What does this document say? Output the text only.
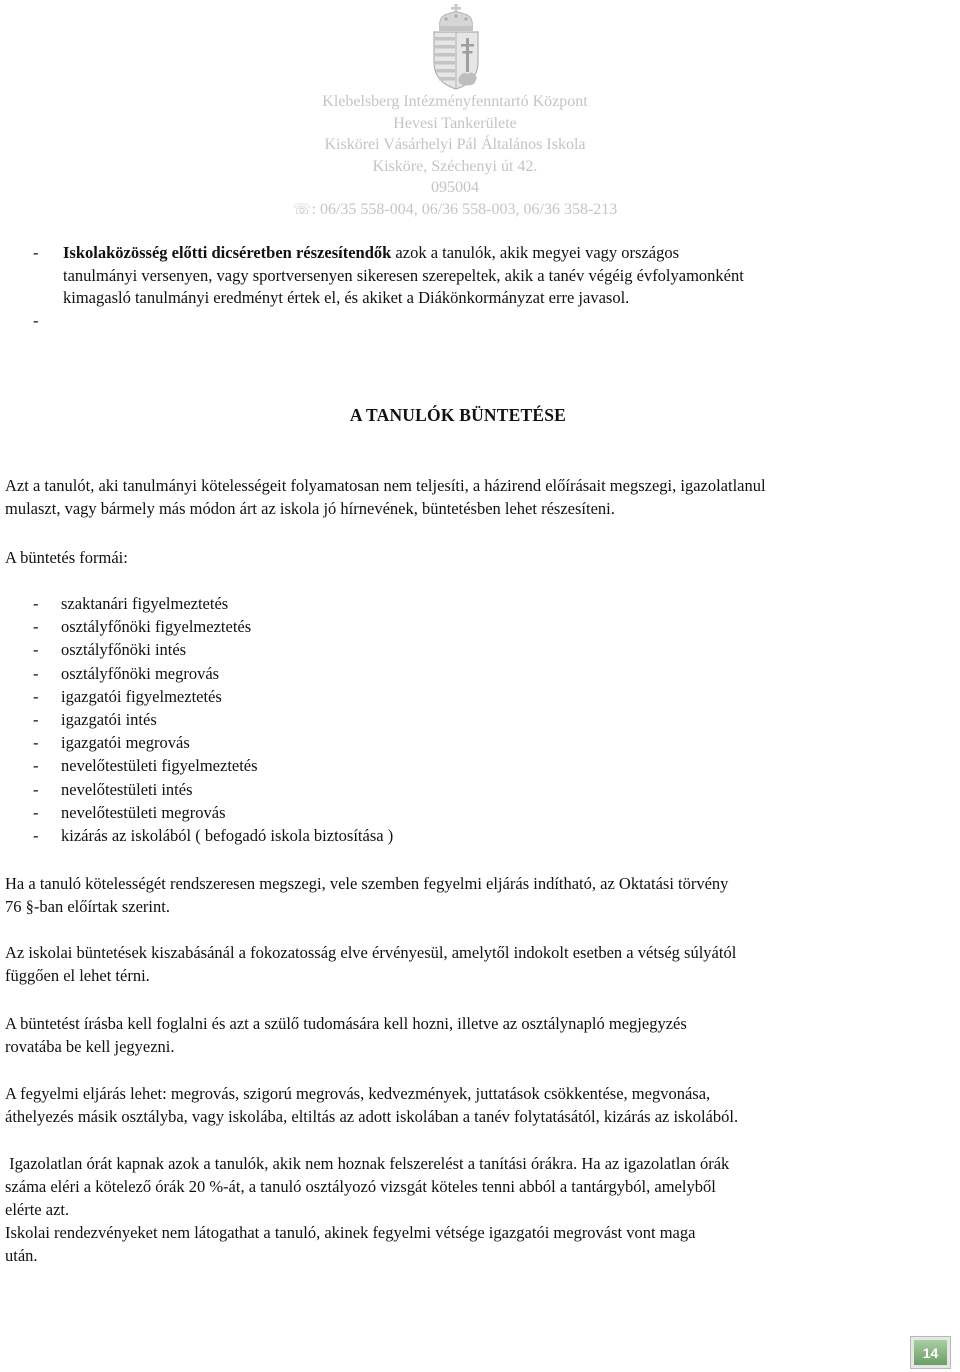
Klebelsberg Intézményfenntartó Központ
Hevesi Tankerülete
Kiskörei Vásárhelyi Pál Általános Iskola
Kisköre, Széchenyi út 42.
095004
☏: 06/35 558-004, 06/36 558-003, 06/36 358-213
- Iskolaközösség előtti dicséretben részesítendők azok a tanulók, akik megyei vagy országos
tanulmányi versenyen, vagy sportversenyen sikeresen szerepeltek, akik a tanév végéig évfolyamonként
kimagasló tanulmányi eredményt értek el, és akiket a Diákönkormányzat erre javasol.
-

A TANULÓK BÜNTETÉSE
Azt a tanulót, aki tanulmányi kötelességeit folyamatosan nem teljesíti, a házirend előírásait megszegi, igazolatlanul
mulaszt, vagy bármely más módon árt az iskola jó hírnevének, büntetésben lehet részesíteni.
A büntetés formái:
- szaktanári figyelmeztetés
- osztályfőnöki figyelmeztetés
- osztályfőnöki intés
- osztályfőnöki megrovás
- igazgatói figyelmeztetés
- igazgatói intés
- igazgatói megrovás
- nevelőtestületi figyelmeztetés
- nevelőtestületi intés
- nevelőtestületi megrovás
- kizárás az iskolából ( befogadó iskola biztosítása )
Ha a tanuló kötelességét rendszeresen megszegi, vele szemben fegyelmi eljárás indítható, az Oktatási törvény
76 §-ban előírtak szerint.
Az iskolai büntetések kiszabásánál a fokozatosság elve érvényesül, amelytől indokolt esetben a vétség súlyától
függően el lehet térni.
A büntetést írásba kell foglalni és azt a szülő tudomására kell hozni, illetve az osztálynapló megjegyzés
rovatába be kell jegyezni.
A fegyelmi eljárás lehet: megrovás, szigorú megrovás, kedvezmények, juttatások csökkentése, megvonása,
áthelyezés másik osztályba, vagy iskolába, eltiltás az adott iskolában a tanév folytatásától, kizárás az iskolából.
Igazolatlan órát kapnak azok a tanulók, akik nem hoznak felszerelést a tanítási órákra. Ha az igazolatlan órák
száma eléri a kötelező órák 20 %-át, a tanuló osztályozó vizsgát köteles tenni abból a tantárgyból, amelyből
elérte azt.
Iskolai rendezvényeket nem látogathat a tanuló, akinek fegyelmi vétsége igazgatói megrovást vont maga
után.
14
